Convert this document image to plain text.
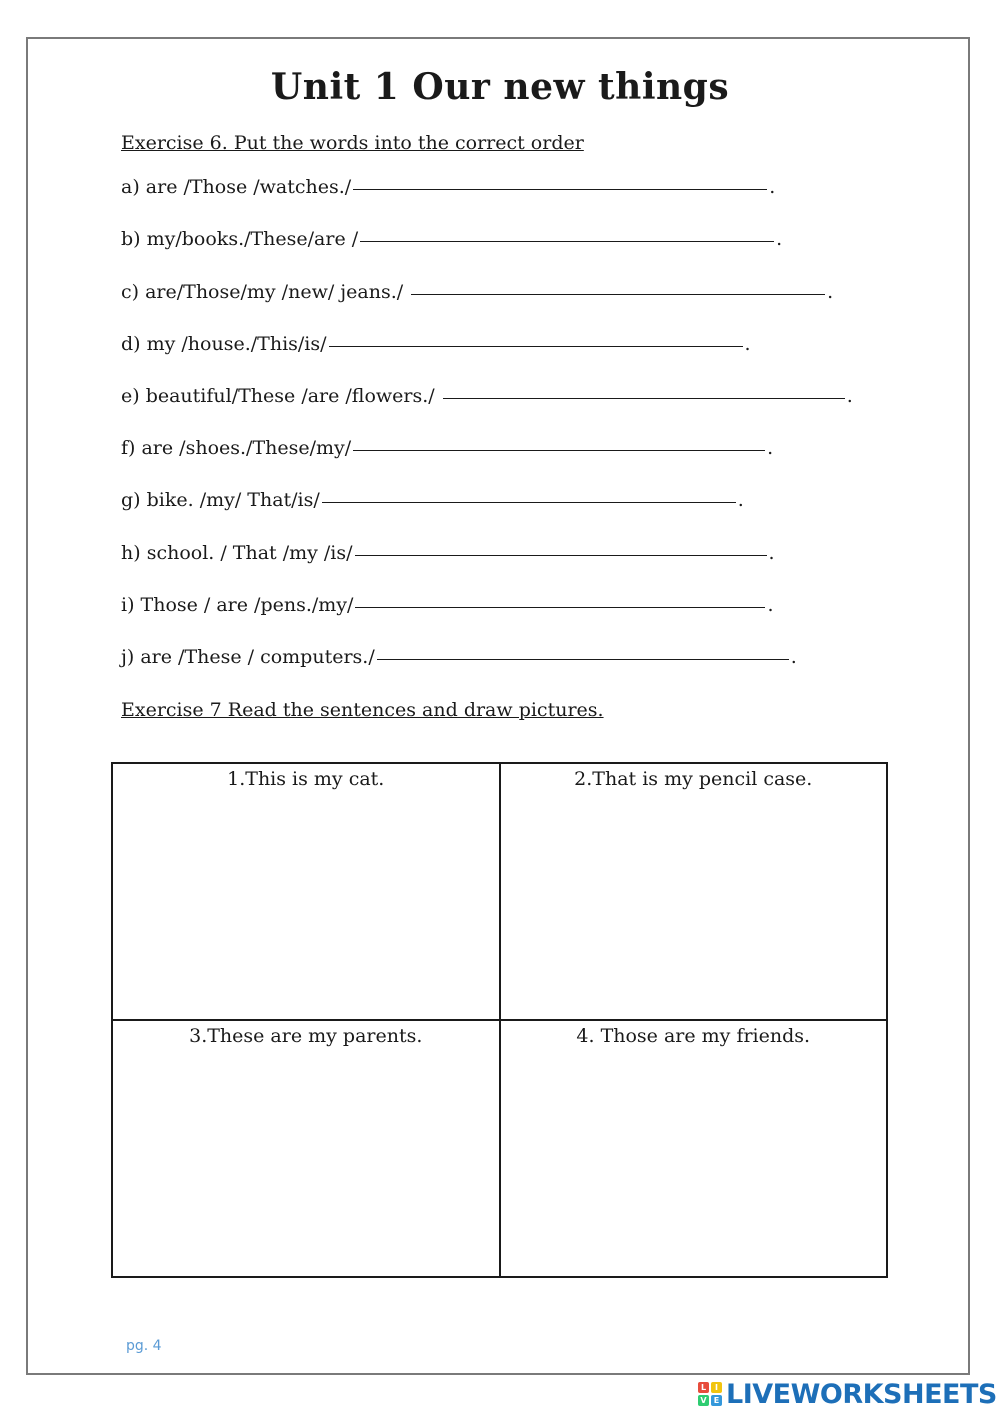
Unit 1 Our new things
Exercise 6. Put the words into the correct order
a) are /Those /watches./	.
b) my/books./These/are /	.
c) are/Those/my /new/ jeans./	.
d) my /house./This/is/	.
e) beautiful/These /are /flowers./	.
f) are /shoes./These/my/	.
g) bike. /my/ That/is/	.
h) school. / That /my /is/	.
i) Those / are /pens./my/	.
j) are /These / computers./	.
Exercise 7 Read the sentences and draw pictures.
1.This is my cat.	2.That is my pencil case.
3.These are my parents.	4. Those are my friends.
pg. 4
L	I
V E LIVEWORKSHEETS
